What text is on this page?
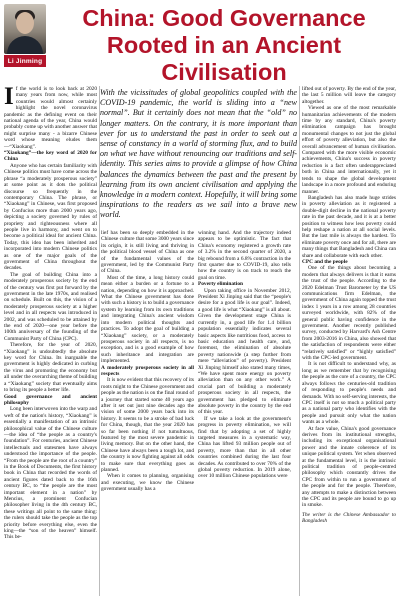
Li Jinming
China: Good Governance Rooted in an Ancient Civilisation

If the world is to look back at 2020 many years from now, while most countries would almost certainly highlight the novel coronavirus pandemic as the defining event on their national agenda of the year, China would probably come up with another answer that might surprise many - a bizarre Chinese word whose meaning eludes them—“Xiaokang”.

“Xiaokang”—the key word of 2020 for China

Anyone who has certain familiarity with Chinese politics must have come across the phrase “a moderately prosperous society” at some point as it dots the political discourse so frequently in the contemporary China. The phrase, or “Xiaokang” in Chinese, was first proposed by Confucius more than 2000 years ago, depicting a society governed by rules of propriety and righteousness where all people live in harmony, and went on to become a political ideal for ancient China. Today, this idea has been inherited and incorporated into modern Chinese politics as one of the major goals of the government of China throughout the decades.

The goal of building China into a moderately prosperous society by the end of the century was first put forward by the government in the late 1970s, and realised on schedule. Built on this, the vision of a moderately prosperous society at a higher level and in all respects was introduced in 2002, and was scheduled to be attained by the end of 2020—one year before the 100th anniversary of the founding of the Communist Party of China (CPC).

Therefore, for the year of 2020, “Xiaokang” is undoubtedly the absolute key word for China. Its inarguable the government is highly dedicated in curbing the virus and promoting the economy but all under the overarching theme of building a “Xiaokang” society that eventually aims to bring its people a better life.

Good governance and ancient philosophy

Long been interwoven into the warp and weft of the nation's history, “Xiaokang” is essentially a manifestation of an intrinsic philosophical value of the Chinese culture—the idea of “the people as a country's foundation”. For centuries, ancient Chinese intellectuals and statesmen have always understood the importance of the people. “From the people are the root of a country” in the Book of Documents, the first history book in China that recorded the words of ancient figures dated back to the 16th century BC, to “the people are the most important element in a nation” by Mencius, a prominent Confucian philosopher living in the 4th century BC, these writings all point to the same thing: the rulers should take the people as the top priority before everything else, even the king—the “son of the heaven” himself. This be-

With the vicissitudes of global geopolitics coupled with the COVID-19 pandemic, the world is sliding into a “new normal”. But it certainly does not mean that the “old” no longer matters. On the contrary, it is more important than ever for us to understand the past in order to seek out a sense of constancy in a world of storming flux, and to build on what we have without renouncing our traditions and self-identity. This series aims to provide a glimpse of how China balances the dynamics between the past and the present by learning from its own ancient civilisation and applying the knowledge in a modern context. Hopefully, it will bring some inspirations to the readers as we sail into a brave new world.

lief has been so deeply embedded in the Chinese culture that some 3000 years since its origin, it is still living and thriving in the political blood vessel of China as one of the fundamental values of the government, led by the Communist Party of China.

Most of the time, a long history could mean either a burden or a fortune to a nation, depending on how it is approached. What the Chinese government has done with such a history is to build a governance system by learning from its own traditions and integrating China's ancient wisdom into modern political thoughts and practices. To adopt the goal of building a “Xiaokang” society, or a moderately prosperous society in all respects, is no exception, and is a good example of how such inheritance and integration are implemented.

A moderately prosperous society in all respects

It is now evident that this recovery of its roots might to the Chinese government and people as the nation is on the final round of a journey that started some 40 years ago after it set out just nine decades ago the vision of some 2000 years back into its history. It seems to be a stroke of bad luck for China, though, that the year 2020 has so far been nothing if not tumultuous, featured by the most severe pandemic in living memory. But on the other hand, the Chinese have always been a tough lot, and the country is now fighting against all odds to make sure that everything goes as planned.

When it comes to planning, organising and executing, we know the Chinese government usually has a

winning hand. And the trajectory indeed appears to be optimistic. The fact that China's economy registered a growth rate of 3.2% in the second quarter of 2020, a big rebound from a 6.8% contraction in the first quarter due to COVID-19, also tells how the country is on track to reach the goal on time.

Poverty elimination

Upon taking office in November 2012, President Xi Jinping said that the “people's desire for a good life is our goal”. Indeed, a good life is what “Xiaokang” is all about. Given the development stage China is currently in, a good life for 1.4 billion population essentially indicates several basic aspects like nutritious food, access to basic education and health care, and, foremost, the elimination of absolute poverty nationwide (a step further from mere “alleviation” of poverty). President Xi Jinping himself also stated many times, “We have spent more energy on poverty alleviation than on any other work.” A crucial part of building a moderately prosperous society in all respects, the government has pledged to eliminate absolute poverty in the country by the end of this year.

If we take a look at the government's progress in poverty elimination, we will find that by adopting a set of highly targeted measures in a systematic way, China has lifted 93 million people out of poverty, more than that in all other countries combined during the last four decades. As contributed to over 70% of the global poverty reduction. In 2019 alone, over 10 million Chinese populations were

lifted out of poverty. By the end of the year, the last 5 million will leave the category altogether.

Viewed as one of the most remarkable humanitarian achievements of the modern time by any standard, China's poverty elimination campaign has brought monumental changes to not just the global effort of poverty alleviation, but also the overall advancement of human civilisation. Compared with the more visible economic achievements, China's success in poverty reduction is a fact often underappreciated both in China and internationally, yet it tends to shape the global development landscape in a more profound and enduring manner.

Bangladesh has also made huge strides in poverty alleviation as it registered a double-digit decline in the national poverty rate in the past decade, and it is at a better position to witness how less poverty could help reshape a nation at all social levels. But the last mile is always the hardest. To eliminate poverty once and for all, there are many things that Bangladesh and China can share and collaborate with each other.

CPC and the people

One of the things about becoming a modern that always delivers is that it earns the trust of the people. According to the 2020 Edelman Trust Barometer by the US communications firm Edelman, the government of China again topped the trust index 1 years in a row among 28 countries surveyed worldwide, with 82% of the general public having confidence in the government. Another recently published survey, conducted by Harvard's Ash Centre from 2003-2016 in China, also showed that the satisfaction of respondents were either “relatively satisfied” or “highly satisfied” with the CPC-led government.

It is not difficult to understand why, as long as we remember that by recognising the people as the core of a country, the CPC always follows the centuries-old tradition of responding to people's needs and demands. With no self-serving interests, the CPC itself is not so much a political party as a national party who identifies with the people and pursuit only what the nation wants as a whole.

At face value, China's good governance derives from its institutional strengths, including its exceptional organisational power and the innate coherence of its unique political system. Yet when observed at the fundamental level, it is the intrinsic political tradition of people-centred philosophy which constantly drives the CPC from within to run a government of the people and for the people. Therefore, any attempts to make a distinction between the CPC and its people are bound to go up in smoke.

The writer is the Chinese Ambassador to Bangladesh
